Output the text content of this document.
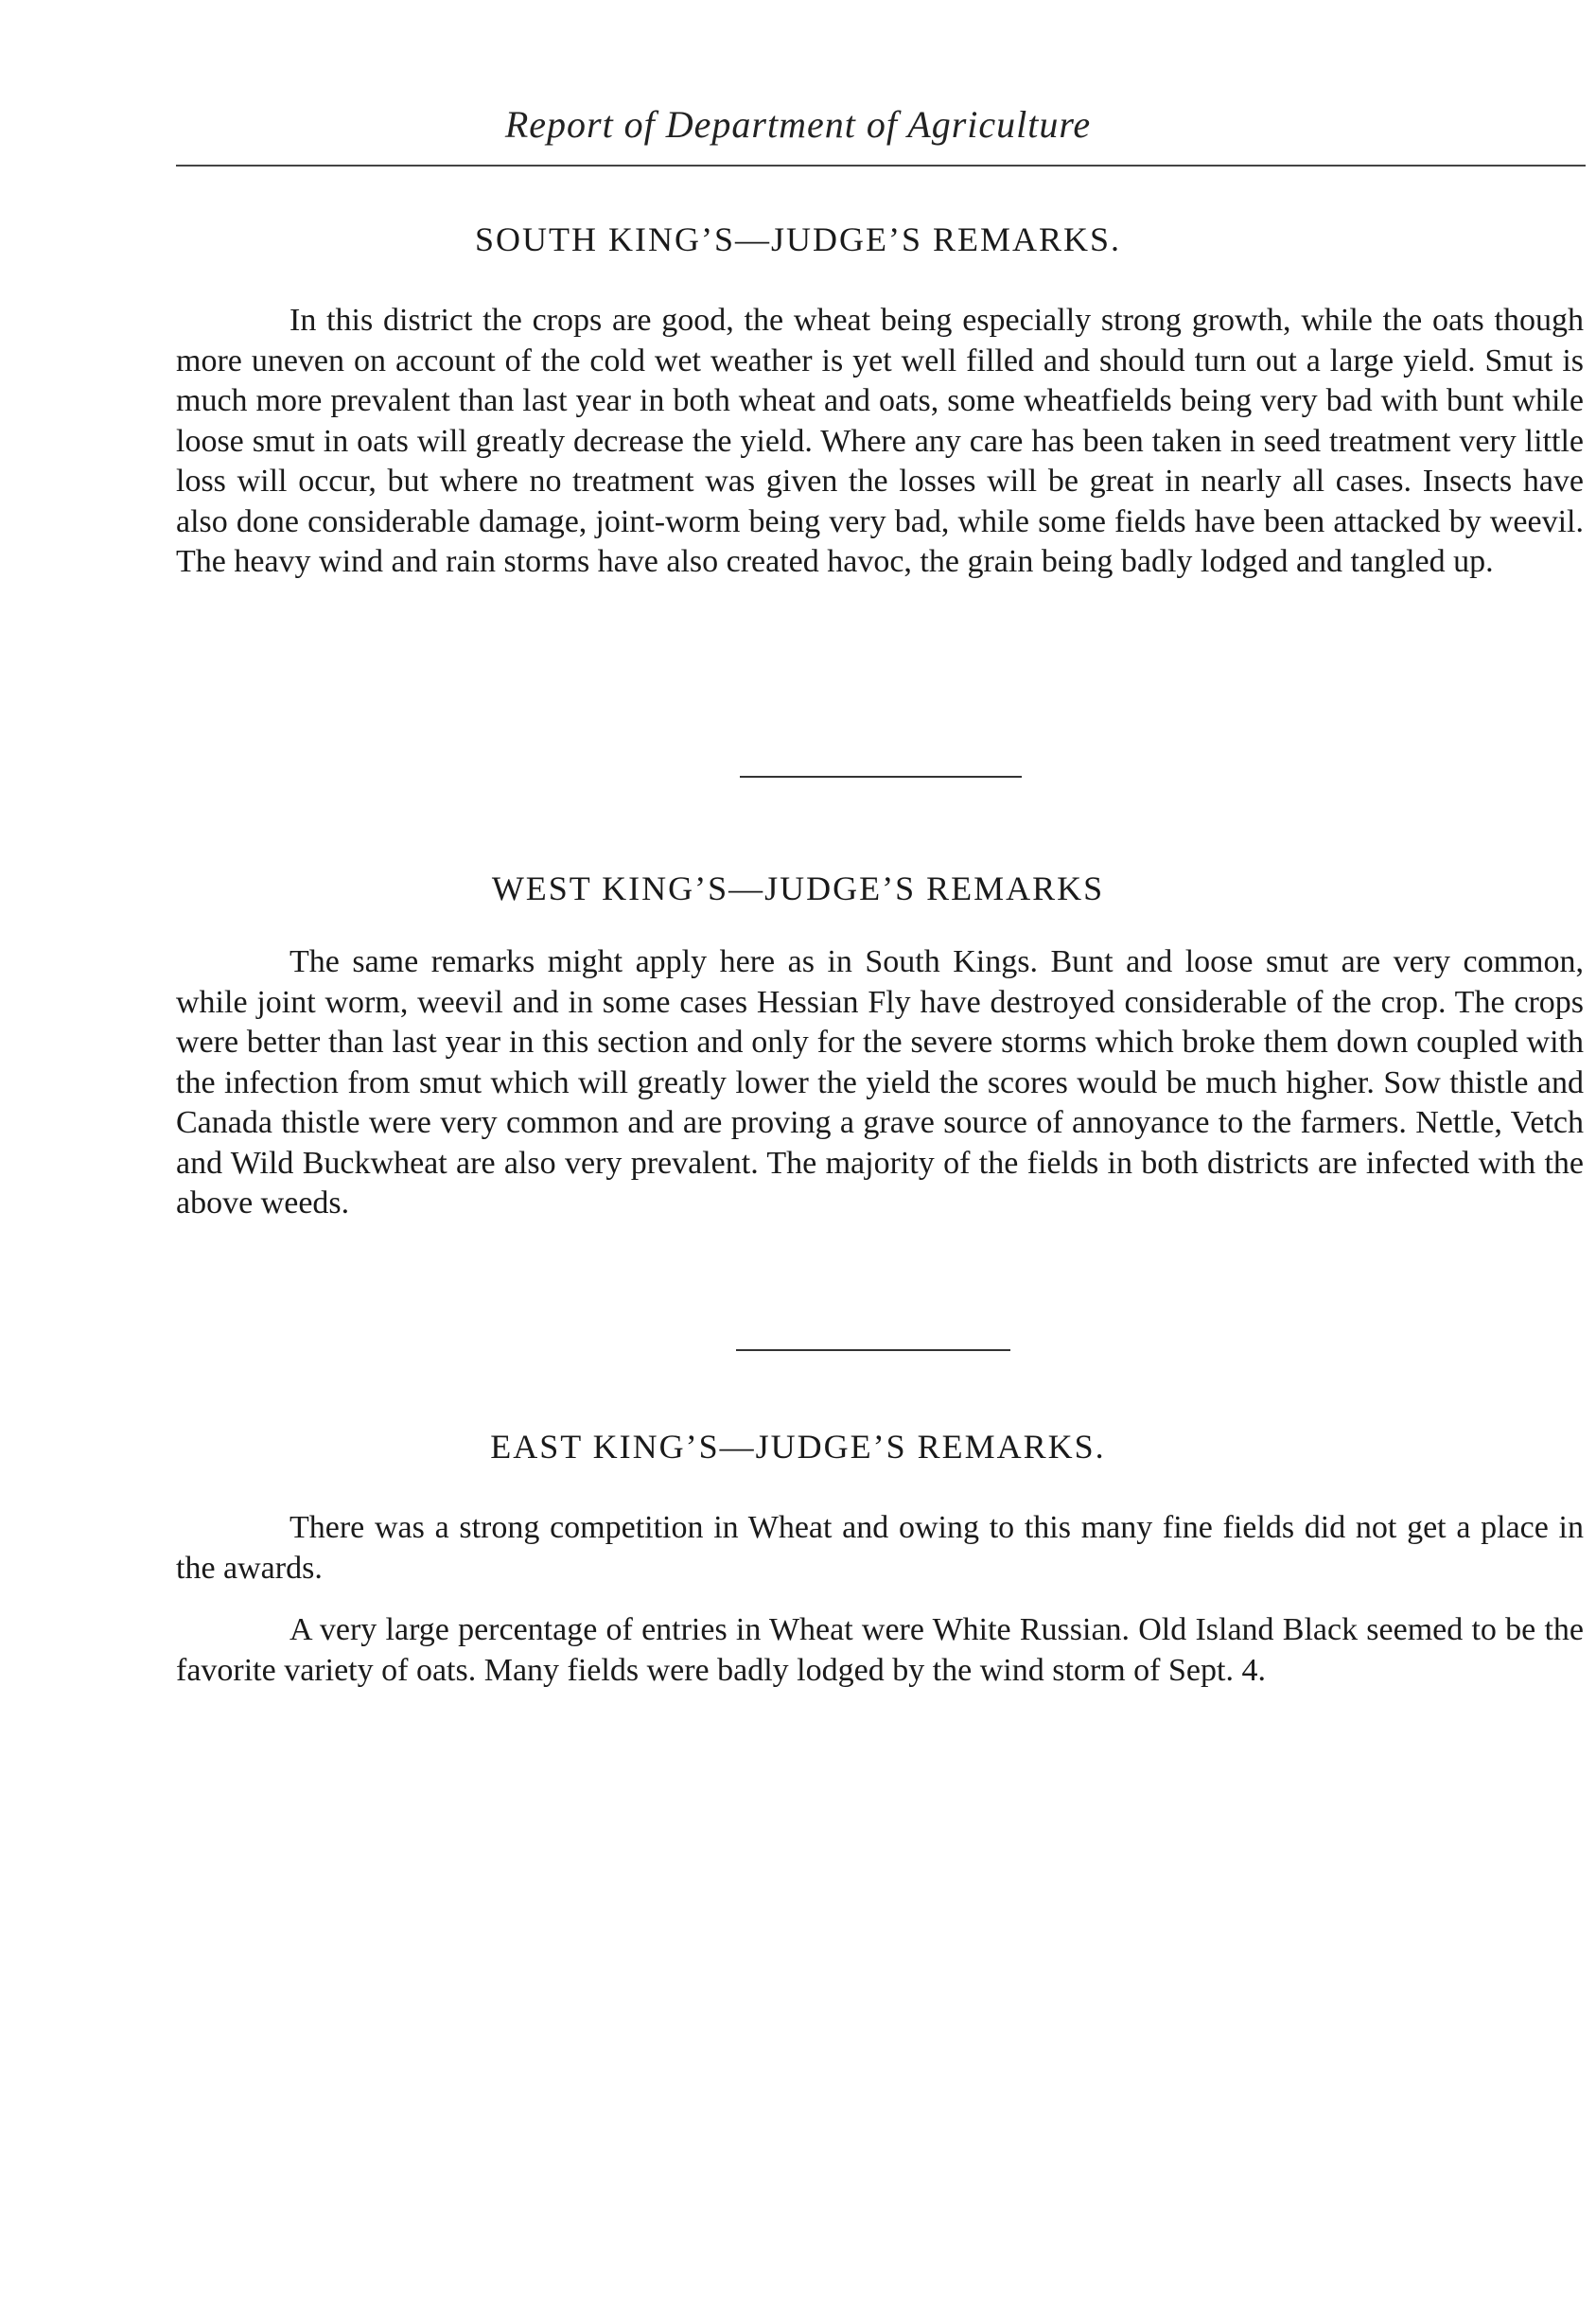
Report of Department of Agriculture
SOUTH KING’S—JUDGE’S REMARKS.

In this district the crops are good, the wheat being especially strong growth, while the oats though more uneven on account of the cold wet weather is yet well filled and should turn out a large yield. Smut is much more prevalent than last year in both wheat and oats, some wheatfields being very bad with bunt while loose smut in oats will greatly decrease the yield. Where any care has been taken in seed treatment very little loss will occur, but where no treatment was given the losses will be great in nearly all cases. Insects have also done considerable damage, joint-worm being very bad, while some fields have been attacked by weevil. The heavy wind and rain storms have also created havoc, the grain being badly lodged and tangled up.

WEST KING’S—JUDGE’S REMARKS

The same remarks might apply here as in South Kings. Bunt and loose smut are very common, while joint worm, weevil and in some cases Hessian Fly have destroyed considerable of the crop. The crops were better than last year in this section and only for the severe storms which broke them down coupled with the infection from smut which will greatly lower the yield the scores would be much higher. Sow thistle and Canada thistle were very common and are proving a grave source of annoyance to the farmers. Nettle, Vetch and Wild Buckwheat are also very prevalent. The majority of the fields in both districts are infected with the above weeds.

EAST KING’S—JUDGE’S REMARKS.

There was a strong competition in Wheat and owing to this many fine fields did not get a place in the awards.

A very large percentage of entries in Wheat were White Russian. Old Island Black seemed to be the favorite variety of oats. Many fields were badly lodged by the wind storm of Sept. 4.
